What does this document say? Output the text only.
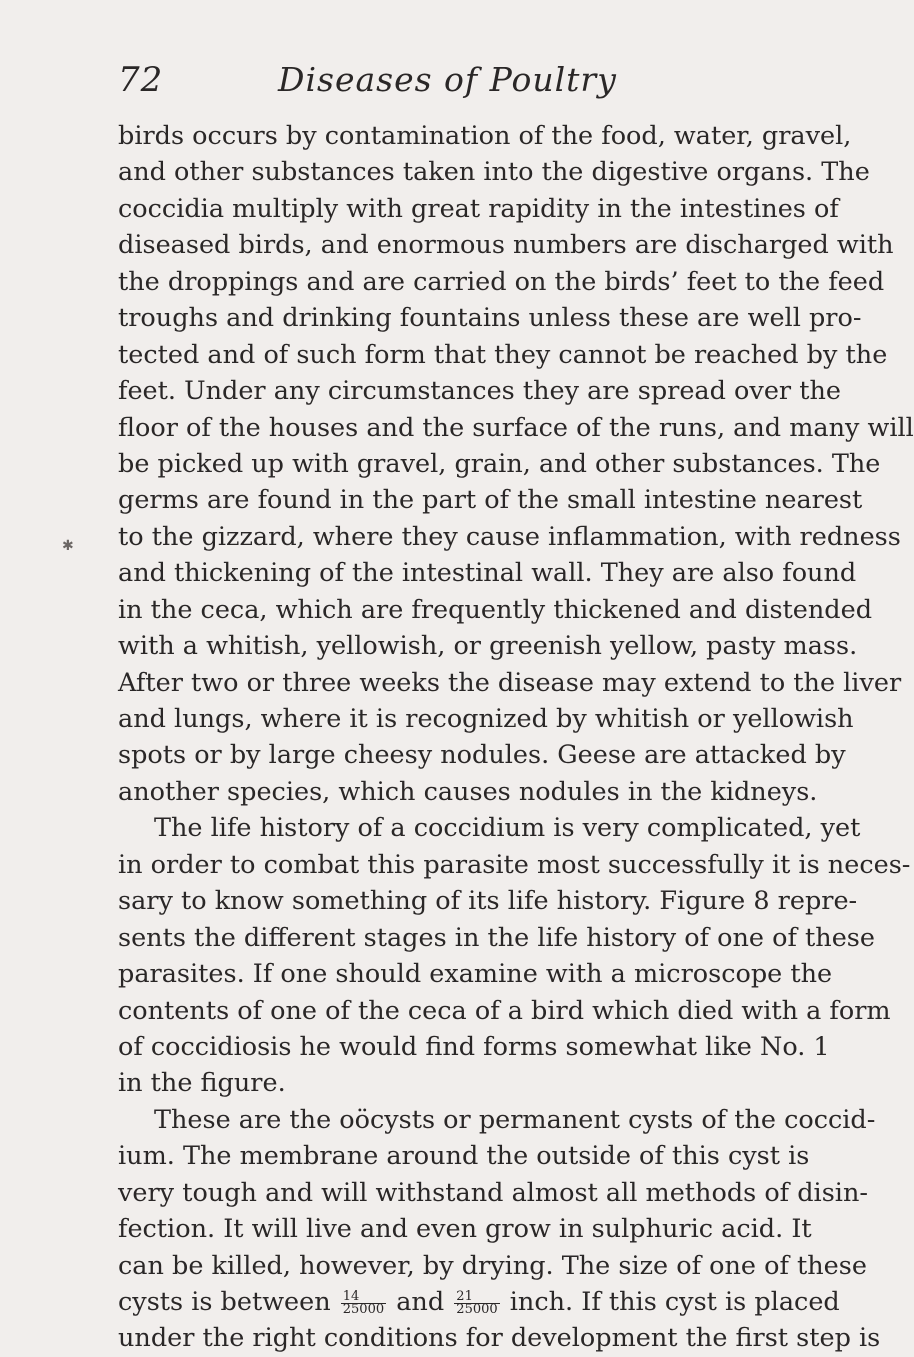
72	Diseases of Poultry
✱
birds occurs by contamination of the food, water, gravel,
and other substances taken into the digestive organs. The
coccidia multiply with great rapidity in the intestines of
diseased birds, and enormous numbers are discharged with
the droppings and are carried on the birds’ feet to the feed
troughs and drinking fountains unless these are well pro-
tected and of such form that they cannot be reached by the
feet. Under any circumstances they are spread over the
floor of the houses and the surface of the runs, and many will
be picked up with gravel, grain, and other substances. The
germs are found in the part of the small intestine nearest
to the gizzard, where they cause inflammation, with redness
and thickening of the intestinal wall. They are also found
in the ceca, which are frequently thickened and distended
with a whitish, yellowish, or greenish yellow, pasty mass.
After two or three weeks the disease may extend to the liver
and lungs, where it is recognized by whitish or yellowish
spots or by large cheesy nodules. Geese are attacked by
another species, which causes nodules in the kidneys.
The life history of a coccidium is very complicated, yet
in order to combat this parasite most successfully it is neces-
sary to know something of its life history. Figure 8 repre-
sents the different stages in the life history of one of these
parasites. If one should examine with a microscope the
contents of one of the ceca of a bird which died with a form
of coccidiosis he would find forms somewhat like No. 1
in the figure.
These are the oöcysts or permanent cysts of the coccid-
ium. The membrane around the outside of this cyst is
very tough and will withstand almost all methods of disin-
fection. It will live and even grow in sulphuric acid. It
can be killed, however, by drying. The size of one of these
cysts is between $\frac{14}{25000}$ and $\frac{21}{25000}$ inch. If this cyst is placed
under the right conditions for development the first step is
